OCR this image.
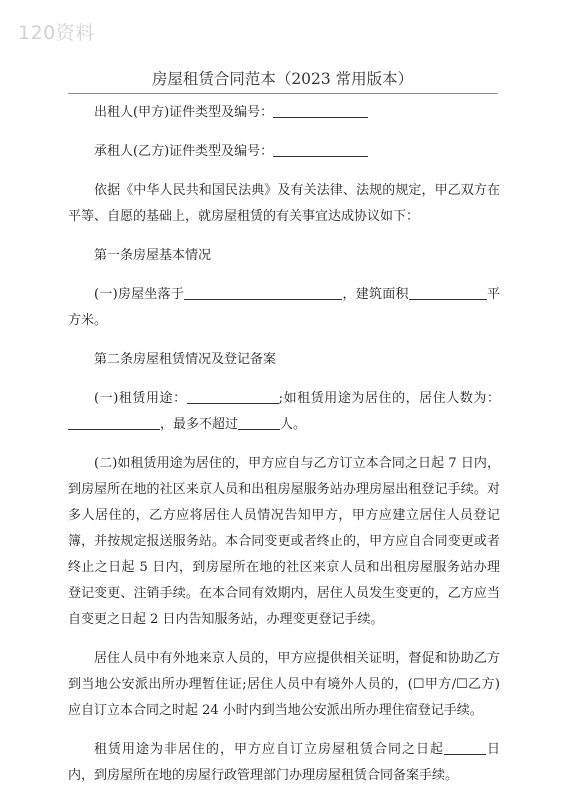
120资料
房屋租赁合同范本（2023 常用版本）

出租人(甲方)证件类型及编号：

承租人(乙方)证件类型及编号：

依据《中华人民共和国民法典》及有关法律、法规的规定，甲乙双方在平等、自愿的基础上，就房屋租赁的有关事宜达成协议如下：

第一条房屋基本情况

(一)房屋坐落于	，建筑面积	平方米。

第二条房屋租赁情况及登记备案

(一)租赁用途：	;如租赁用途为居住的，居住人数为：，最多不超过	人。

(二)如租赁用途为居住的，甲方应自与乙方订立本合同之日起 7 日内，到房屋所在地的社区来京人员和出租房屋服务站办理房屋出租登记手续。对多人居住的，乙方应将居住人员情况告知甲方，甲方应建立居住人员登记簿，并按规定报送服务站。本合同变更或者终止的，甲方应自合同变更或者终止之日起 5 日内，到房屋所在地的社区来京人员和出租房屋服务站办理登记变更、注销手续。在本合同有效期内，居住人员发生变更的，乙方应当自变更之日起 2 日内告知服务站，办理变更登记手续。

居住人员中有外地来京人员的，甲方应提供相关证明，督促和协助乙方到当地公安派出所办理暂住证;居住人员中有境外人员的，(☐甲方/☐乙方)应自订立本合同之时起 24 小时内到当地公安派出所办理住宿登记手续。

租赁用途为非居住的，甲方应自订立房屋租赁合同之日起	日内，到房屋所在地的房屋行政管理部门办理房屋租赁合同备案手续。
